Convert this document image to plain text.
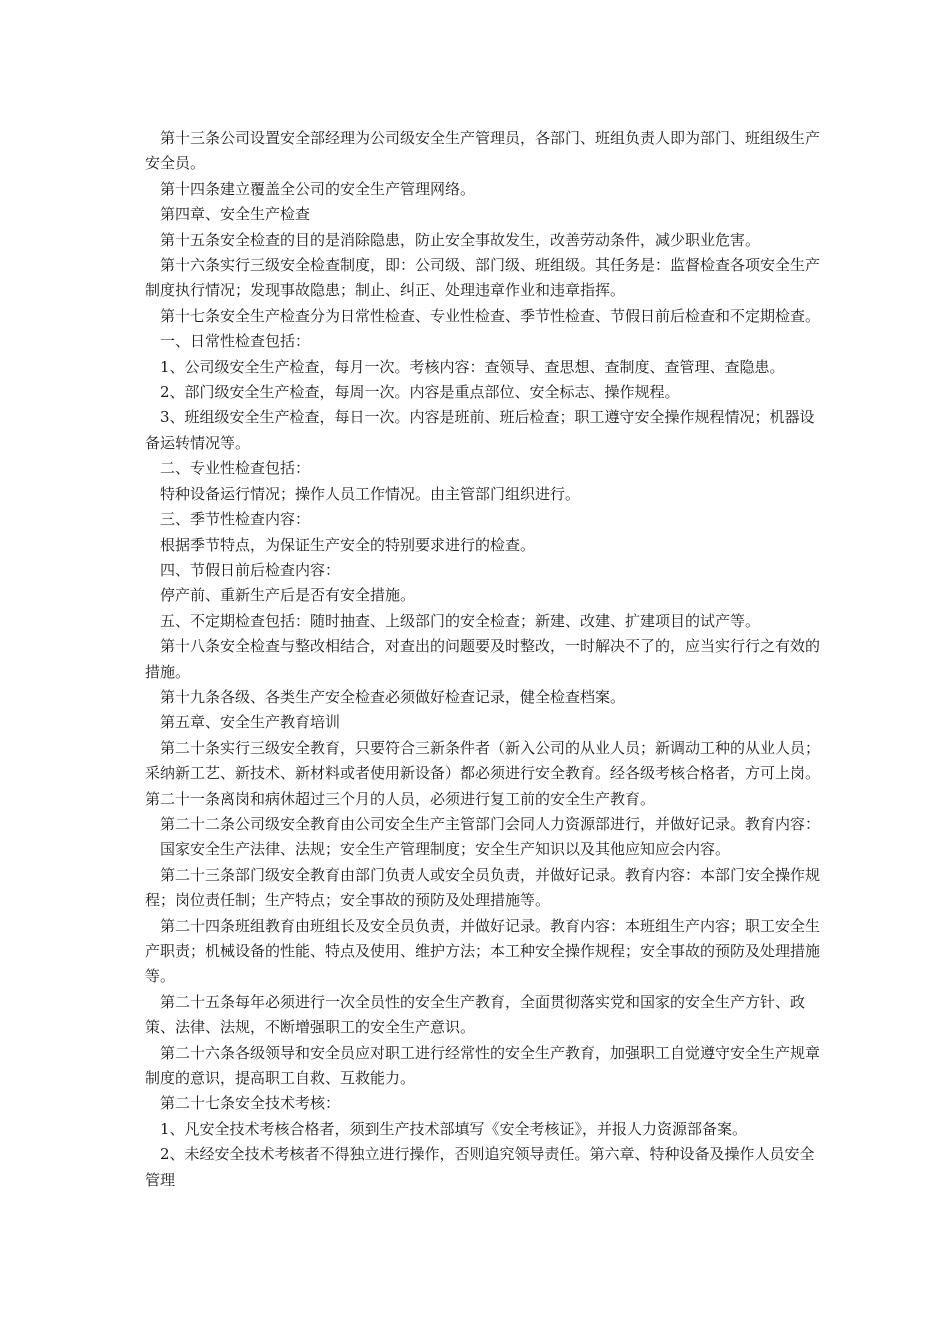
第十三条公司设置安全部经理为公司级安全生产管理员，各部门、班组负责人即为部门、班组级生产安全员。

第十四条建立覆盖全公司的安全生产管理网络。

第四章、安全生产检查

第十五条安全检查的目的是消除隐患，防止安全事故发生，改善劳动条件，减少职业危害。

第十六条实行三级安全检查制度，即：公司级、部门级、班组级。其任务是：监督检查各项安全生产制度执行情况；发现事故隐患；制止、纠正、处理违章作业和违章指挥。

第十七条安全生产检查分为日常性检查、专业性检查、季节性检查、节假日前后检查和不定期检查。

一、日常性检查包括：

1、公司级安全生产检查，每月一次。考核内容：查领导、查思想、查制度、查管理、查隐患。

2、部门级安全生产检查，每周一次。内容是重点部位、安全标志、操作规程。

3、班组级安全生产检查，每日一次。内容是班前、班后检查；职工遵守安全操作规程情况；机器设备运转情况等。

二、专业性检查包括：

特种设备运行情况；操作人员工作情况。由主管部门组织进行。

三、季节性检查内容：

根据季节特点，为保证生产安全的特别要求进行的检查。

四、节假日前后检查内容：

停产前、重新生产后是否有安全措施。

五、不定期检查包括：随时抽查、上级部门的安全检查；新建、改建、扩建项目的试产等。

第十八条安全检查与整改相结合，对查出的问题要及时整改，一时解决不了的，应当实行行之有效的措施。

第十九条各级、各类生产安全检查必须做好检查记录，健全检查档案。

第五章、安全生产教育培训

第二十条实行三级安全教育，只要符合三新条件者（新入公司的从业人员；新调动工种的从业人员；采纳新工艺、新技术、新材料或者使用新设备）都必须进行安全教育。经各级考核合格者，方可上岗。第二十一条离岗和病休超过三个月的人员，必须进行复工前的安全生产教育。

第二十二条公司级安全教育由公司安全生产主管部门会同人力资源部进行，并做好记录。教育内容：

国家安全生产法律、法规；安全生产管理制度；安全生产知识以及其他应知应会内容。

第二十三条部门级安全教育由部门负责人或安全员负责，并做好记录。教育内容：本部门安全操作规程；岗位责任制；生产特点；安全事故的预防及处理措施等。

第二十四条班组教育由班组长及安全员负责，并做好记录。教育内容：本班组生产内容；职工安全生产职责；机械设备的性能、特点及使用、维护方法；本工种安全操作规程；安全事故的预防及处理措施等。

第二十五条每年必须进行一次全员性的安全生产教育，全面贯彻落实党和国家的安全生产方针、政策、法律、法规，不断增强职工的安全生产意识。

第二十六条各级领导和安全员应对职工进行经常性的安全生产教育，加强职工自觉遵守安全生产规章制度的意识，提高职工自救、互救能力。

第二十七条安全技术考核：

1、凡安全技术考核合格者，须到生产技术部填写《安全考核证》，并报人力资源部备案。

2、未经安全技术考核者不得独立进行操作，否则追究领导责任。第六章、特种设备及操作人员安全管理
